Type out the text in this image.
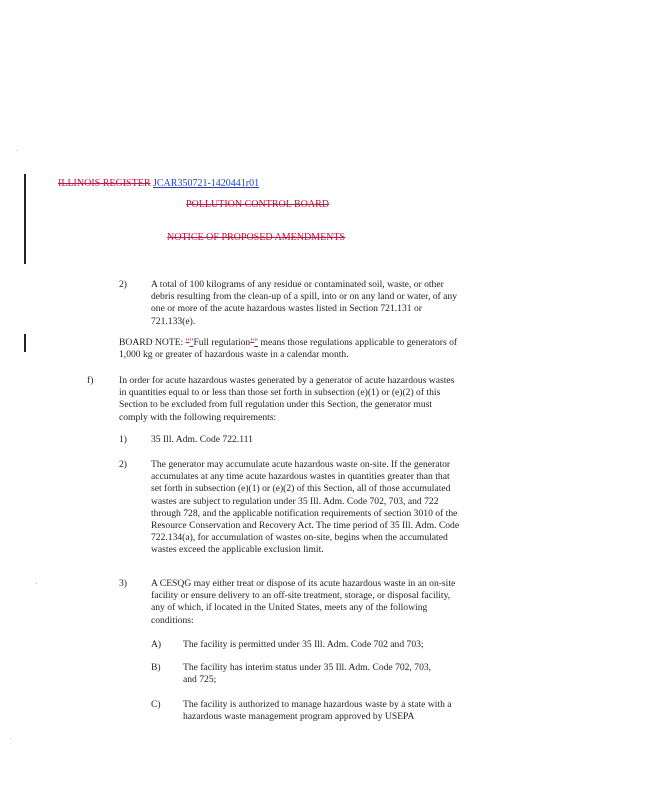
ILLINOIS REGISTER JCAR350721-1420441r01
POLLUTION CONTROL BOARD
NOTICE OF PROPOSED AMENDMENTS
2)	A total of 100 kilograms of any residue or contaminated soil, waste, or other debris resulting from the clean-up of a spill, into or on any land or water, of any one or more of the acute hazardous wastes listed in Section 721.131 or 721.133(e).
BOARD NOTE: ""Full regulation"" means those regulations applicable to generators of 1,000 kg or greater of hazardous waste in a calendar month.
f)	In order for acute hazardous wastes generated by a generator of acute hazardous wastes in quantities equal to or less than those set forth in subsection (e)(1) or (e)(2) of this Section to be excluded from full regulation under this Section, the generator must comply with the following requirements:
1)	35 Ill. Adm. Code 722.111
2)	The generator may accumulate acute hazardous waste on-site. If the generator accumulates at any time acute hazardous wastes in quantities greater than that set forth in subsection (e)(1) or (e)(2) of this Section, all of those accumulated wastes are subject to regulation under 35 Ill. Adm. Code 702, 703, and 722 through 728, and the applicable notification requirements of section 3010 of the Resource Conservation and Recovery Act. The time period of 35 Ill. Adm. Code 722.134(a), for accumulation of wastes on-site, begins when the accumulated wastes exceed the applicable exclusion limit.
3)	A CESQG may either treat or dispose of its acute hazardous waste in an on-site facility or ensure delivery to an off-site treatment, storage, or disposal facility, any of which, if located in the United States, meets any of the following conditions:
A) The facility is permitted under 35 Ill. Adm. Code 702 and 703;
B) The facility has interim status under 35 Ill. Adm. Code 702, 703, and 725;
C) The facility is authorized to manage hazardous waste by a state with a hazardous waste management program approved by USEPA
